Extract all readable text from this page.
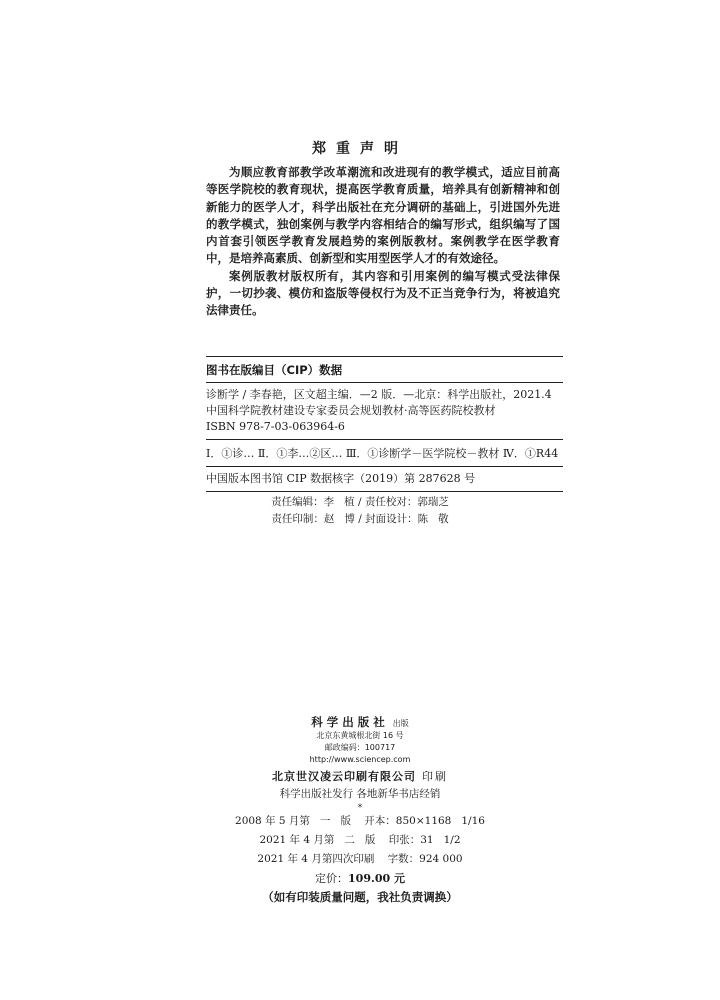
郑重声明

为顺应教育部教学改革潮流和改进现有的教学模式，适应目前高等医学院校的教育现状，提高医学教育质量，培养具有创新精神和创新能力的医学人才，科学出版社在充分调研的基础上，引进国外先进的教学模式，独创案例与教学内容相结合的编写形式，组织编写了国内首套引领医学教育发展趋势的案例版教材。案例教学在医学教育中，是培养高素质、创新型和实用型医学人才的有效途径。

案例版教材版权所有，其内容和引用案例的编写模式受法律保护，一切抄袭、模仿和盗版等侵权行为及不正当竞争行为，将被追究法律责任。

图书在版编目（CIP）数据
诊断学 / 李春艳，区文超主编．—2 版．—北京：科学出版社，2021.4
中国科学院教材建设专家委员会规划教材·高等医药院校教材
ISBN 978-7-03-063964-6
Ⅰ．①诊… Ⅱ．①李…②区… Ⅲ．①诊断学－医学院校－教材 Ⅳ．①R44
中国版本图书馆 CIP 数据核字（2019）第 287628 号
责任编辑：李   植 / 责任校对：郭瑞芝
责任印制：赵   博 / 封面设计：陈   敬
科学出版社 出版
北京东黄城根北街 16 号
邮政编码：100717
http://www.sciencep.com
北京世汉凌云印刷有限公司 印刷
科学出版社发行 各地新华书店经销
*
2008 年 5 月第   一   版    开本：850×1168   1/16
2021 年 4 月第   二   版    印张：31   1/2
2021 年 4 月第四次印刷    字数：924 000
定价：109.00 元
（如有印装质量问题，我社负责调换）
